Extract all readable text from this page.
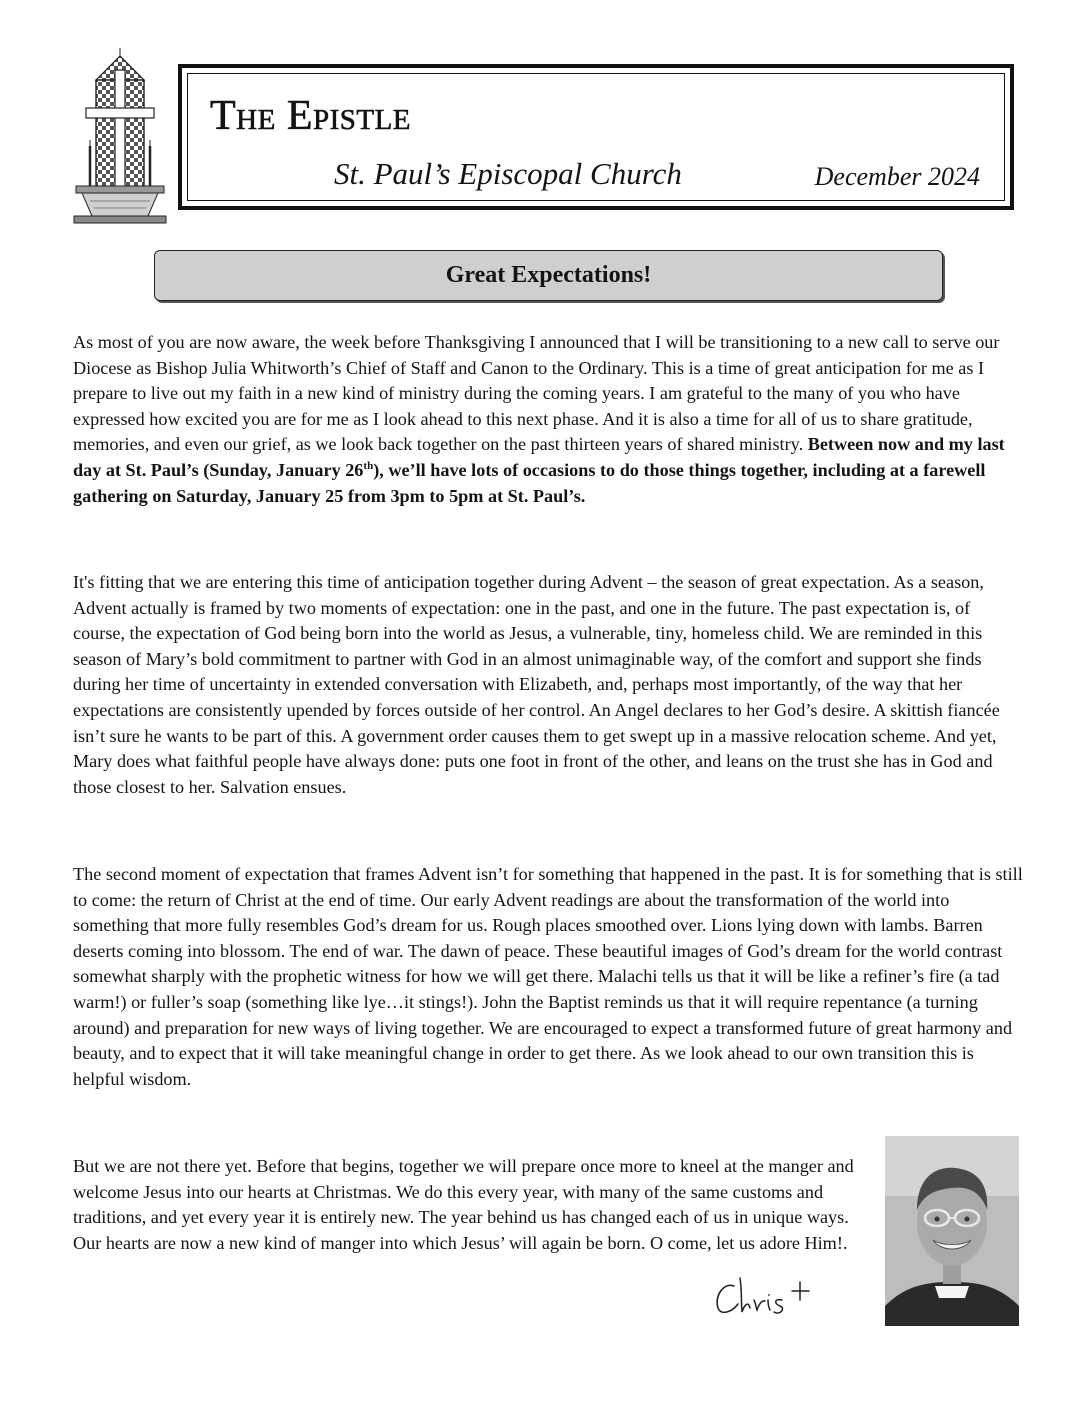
The Epistle
St. Paul’s Episcopal Church	December 2024
Great Expectations!

As most of you are now aware, the week before Thanksgiving I announced that I will be transitioning to a new call to serve our Diocese as Bishop Julia Whitworth’s Chief of Staff and Canon to the Ordinary. This is a time of great anticipation for me as I prepare to live out my faith in a new kind of ministry during the coming years. I am grateful to the many of you who have expressed how excited you are for me as I look ahead to this next phase. And it is also a time for all of us to share gratitude, memories, and even our grief, as we look back together on the past thirteen years of shared ministry. Between now and my last day at St. Paul’s (Sunday, January 26th), we’ll have lots of occasions to do those things together, including at a farewell gathering on Saturday, January 25 from 3pm to 5pm at St. Paul’s.

It's fitting that we are entering this time of anticipation together during Advent – the season of great expectation. As a season, Advent actually is framed by two moments of expectation: one in the past, and one in the future. The past expectation is, of course, the expectation of God being born into the world as Jesus, a vulnerable, tiny, homeless child. We are reminded in this season of Mary’s bold commitment to partner with God in an almost unimaginable way, of the comfort and support she finds during her time of uncertainty in extended conversation with Elizabeth, and, perhaps most importantly, of the way that her expectations are consistently upended by forces outside of her control. An Angel declares to her God’s desire. A skittish fiancée isn’t sure he wants to be part of this. A government order causes them to get swept up in a massive relocation scheme. And yet, Mary does what faithful people have always done: puts one foot in front of the other, and leans on the trust she has in God and those closest to her. Salvation ensues.

The second moment of expectation that frames Advent isn’t for something that happened in the past. It is for something that is still to come: the return of Christ at the end of time. Our early Advent readings are about the transformation of the world into something that more fully resembles God’s dream for us. Rough places smoothed over. Lions lying down with lambs. Barren deserts coming into blossom. The end of war. The dawn of peace. These beautiful images of God’s dream for the world contrast somewhat sharply with the prophetic witness for how we will get there. Malachi tells us that it will be like a refiner’s fire (a tad warm!) or fuller’s soap (something like lye…it stings!). John the Baptist reminds us that it will require repentance (a turning around) and preparation for new ways of living together. We are encouraged to expect a transformed future of great harmony and beauty, and to expect that it will take meaningful change in order to get there. As we look ahead to our own transition this is helpful wisdom.

But we are not there yet. Before that begins, together we will prepare once more to kneel at the manger and welcome Jesus into our hearts at Christmas. We do this every year, with many of the same customs and traditions, and yet every year it is entirely new. The year behind us has changed each of us in unique ways. Our hearts are now a new kind of manger into which Jesus’ will again be born. O come, let us adore Him!.
